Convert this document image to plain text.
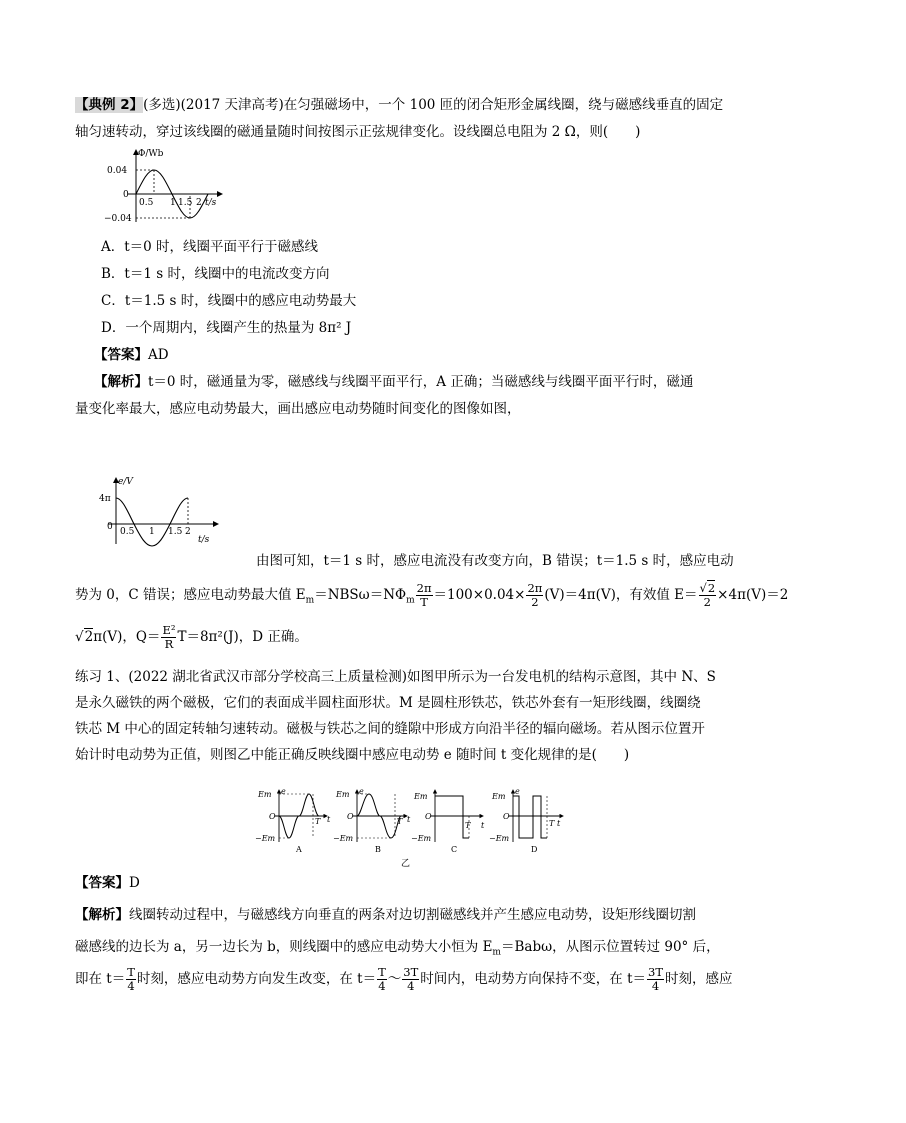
【典例 2】(多选)(2017 天津高考)在匀强磁场中，一个 100 匝的闭合矩形金属线圈，绕与磁感线垂直的固定
轴匀速转动，穿过该线圈的磁通量随时间按图示正弦规律变化。设线圈总电阻为 2 Ω，则(　　)
Φ/Wb
0.04
0
−0.04
0.5 1 1.5 2 t/s
A．t＝0 时，线圈平面平行于磁感线
B．t＝1 s 时，线圈中的电流改变方向
C．t＝1.5 s 时，线圈中的感应电动势最大
D．一个周期内，线圈产生的热量为 8π² J
【答案】AD
【解析】t＝0 时，磁通量为零，磁感线与线圈平面平行，A 正确；当磁感线与线圈平面平行时，磁通
量变化率最大，感应电动势最大，画出感应电动势随时间变化的图像如图，
e/V
4π
0 0.5 1 1.5 2
t/s
由图可知，t＝1 s 时，感应电流没有改变方向，B 错误；t＝1.5 s 时，感应电动
势为 0，C 错误；感应电动势最大值 $E_m=NBS\omega=N\Phi_m \frac{2\pi}{T} =100\times 0.04\times \frac{2\pi}{2} (V)=4\pi(V)$，有效值 $E= \frac{√2}{2} \times 4\pi(V)=2$
√2π(V)，$Q= \frac{\text{E²}}{R} T=8\pi^2(J)$，D 正确。
练习 1、(2022 湖北省武汉市部分学校高三上质量检测)如图甲所示为一台发电机的结构示意图，其中 N、S
是永久磁铁的两个磁极，它们的表面成半圆柱面形状。M 是圆柱形铁芯，铁芯外套有一矩形线圈，线圈绕
铁芯 M 中心的固定转轴匀速转动。磁极与铁芯之间的缝隙中形成方向沿半径的辐向磁场。若从图示位置开
始计时电动势为正值，则图乙中能正确反映线圈中感应电动势 e 随时间 t 变化规律的是(　　)
Em e
O
−Em
T t
A
Em e
O
−Em
T t
B
Em
O
−Em
T t
C
Em
e
O
−Em
T t
D
乙
【答案】D
【解析】线圈转动过程中，与磁感线方向垂直的两条对边切割磁感线并产生感应电动势，设矩形线圈切割
磁感线的边长为 a，另一边长为 b，则线圈中的感应电动势大小恒为 $E_m=Bab\omega$，从图示位置转过 90° 后，
即在 $t= \frac{T}{4}$ 时刻，感应电动势方向发生改变，在 $t= \frac{T}{4}$ ～ $\frac{3T}{4}$ 时间内，电动势方向保持不变，在 $t= \frac{3T}{4}$ 时刻，感应
